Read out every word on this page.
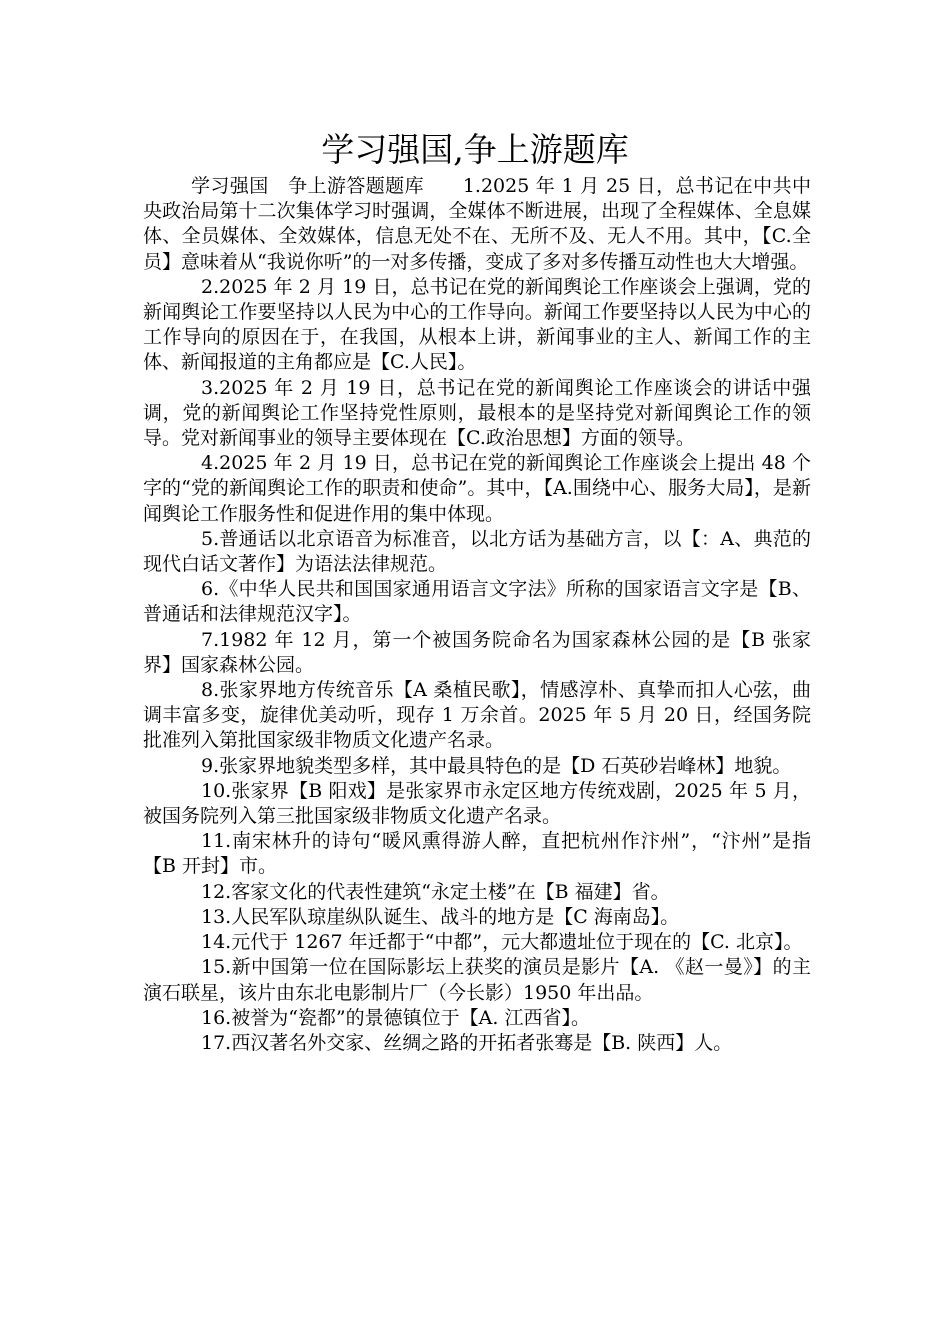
学习强国,争上游题库

学习强国　争上游答题题库　　1.2025 年 1 月 25 日，总书记在中共中央政治局第十二次集体学习时强调，全媒体不断进展，出现了全程媒体、全息媒体、全员媒体、全效媒体，信息无处不在、无所不及、无人不用。其中，【C.全员】意味着从“我说你听”的一对多传播，变成了多对多传播互动性也大大增强。

2.2025 年 2 月 19 日，总书记在党的新闻舆论工作座谈会上强调，党的新闻舆论工作要坚持以人民为中心的工作导向。新闻工作要坚持以人民为中心的工作导向的原因在于，在我国，从根本上讲，新闻事业的主人、新闻工作的主体、新闻报道的主角都应是【C.人民】。

3.2025 年 2 月 19 日，总书记在党的新闻舆论工作座谈会的讲话中强调，党的新闻舆论工作坚持党性原则，最根本的是坚持党对新闻舆论工作的领导。党对新闻事业的领导主要体现在【C.政治思想】方面的领导。

4.2025 年 2 月 19 日，总书记在党的新闻舆论工作座谈会上提出 48 个字的“党的新闻舆论工作的职责和使命”。其中，【A.围绕中心、服务大局】，是新闻舆论工作服务性和促进作用的集中体现。

5.普通话以北京语音为标准音，以北方话为基础方言，以【：A、典范的现代白话文著作】为语法法律规范。

6.《中华人民共和国国家通用语言文字法》所称的国家语言文字是【B、普通话和法律规范汉字】。

7.1982 年 12 月，第一个被国务院命名为国家森林公园的是【B 张家界】国家森林公园。

8.张家界地方传统音乐【A 桑植民歌】，情感淳朴、真挚而扣人心弦，曲调丰富多变，旋律优美动听，现存 1 万余首。2025 年 5 月 20 日，经国务院批准列入第批国家级非物质文化遗产名录。

9.张家界地貌类型多样，其中最具特色的是【D 石英砂岩峰林】地貌。

10.张家界【B 阳戏】是张家界市永定区地方传统戏剧，2025 年 5 月，被国务院列入第三批国家级非物质文化遗产名录。

11.南宋林升的诗句“暖风熏得游人醉，直把杭州作汴州”，“汴州”是指【B 开封】市。

12.客家文化的代表性建筑“永定土楼”在【B 福建】省。

13.人民军队琼崖纵队诞生、战斗的地方是【C 海南岛】。

14.元代于 1267 年迁都于“中都”，元大都遗址位于现在的【C. 北京】。

15.新中国第一位在国际影坛上获奖的演员是影片【A. 《赵一曼》】的主演石联星，该片由东北电影制片厂（今长影）1950 年出品。

16.被誉为“瓷都”的景德镇位于【A. 江西省】。

17.西汉著名外交家、丝绸之路的开拓者张骞是【B. 陕西】人。
